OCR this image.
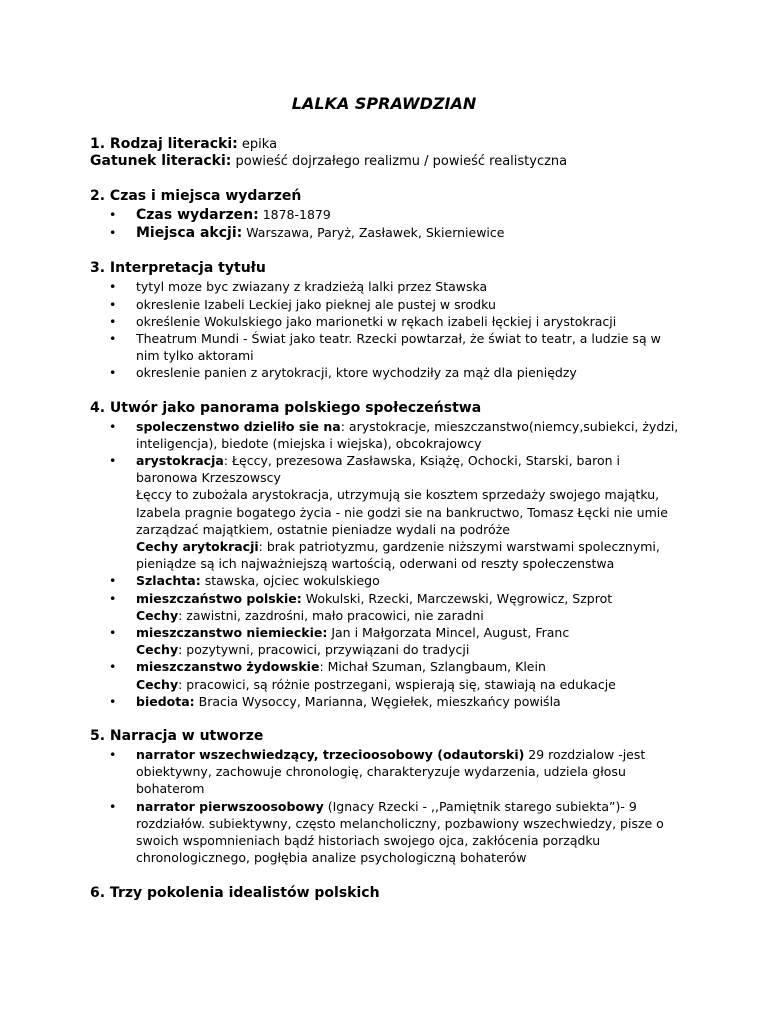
LALKA SPRAWDZIAN

1. Rodzaj literacki: epika

Gatunek literacki: powieść dojrzałego realizmu / powieść realistyczna

2. Czas i miejsca wydarzeń
• Czas wydarzen: 1878-1879
• Miejsca akcji: Warszawa, Paryż, Zasławek, Skierniewice
3. Interpretacja tytułu
• tytyl moze byc zwiazany z kradzieżą lalki przez Stawska
• okreslenie Izabeli Leckiej jako pieknej ale pustej w srodku
• określenie Wokulskiego jako marionetki w rękach izabeli łęckiej i arystokracji
• Theatrum Mundi - Świat jako teatr. Rzecki powtarzał, że świat to teatr, a ludzie są w nim tylko aktorami
• okreslenie panien z arytokracji, ktore wychodziły za mąż dla pieniędzy
4. Utwór jako panorama polskiego społeczeństwa
• spoleczenstwo dzieliło sie na: arystokracje, mieszczanstwo(niemcy,subiekci, żydzi, inteligencja), biedote (miejska i wiejska), obcokrajowcy
• arystokracja: Łęccy, prezesowa Zasławska, Książę, Ochocki, Starski, baron i baronowa Krzeszowscy
Łęccy to zubożala arystokracja, utrzymują sie kosztem sprzedaży swojego majątku, Izabela pragnie bogatego życia - nie godzi sie na bankructwo, Tomasz Łęcki nie umie zarządzać majątkiem, ostatnie pieniadze wydali na podróże
Cechy arytokracji: brak patriotyzmu, gardzenie niższymi warstwami spolecznymi, pieniądze są ich najważniejszą wartością, oderwani od reszty społeczenstwa
• Szlachta: stawska, ojciec wokulskiego
• mieszczaństwo polskie: Wokulski, Rzecki, Marczewski, Węgrowicz, Szprot
Cechy: zawistni, zazdrośni, mało pracowici, nie zaradni
• mieszczanstwo niemieckie: Jan i Małgorzata Mincel, August, Franc
Cechy: pozytywni, pracowici, przywiązani do tradycji
• mieszczanstwo żydowskie: Michał Szuman, Szlangbaum, Klein
Cechy: pracowici, są różnie postrzegani, wspierają się, stawiają na edukacje
• biedota: Bracia Wysoccy, Marianna, Węgiełek, mieszkańcy powiśla
5. Narracja w utworze
• narrator wszechwiedzący, trzecioosobowy (odautorski) 29 rozdzialow -jest obiektywny, zachowuje chronologię, charakteryzuje wydarzenia, udziela głosu bohaterom
• narrator pierwszoosobowy (Ignacy Rzecki - ,,Pamiętnik starego subiekta”)- 9 rozdziałów. subiektywny, często melancholiczny, pozbawiony wszechwiedzy, pisze o swoich wspomnieniach bądź historiach swojego ojca, zakłócenia porządku chronologicznego, pogłębia analize psychologiczną bohaterów
6. Trzy pokolenia idealistów polskich
